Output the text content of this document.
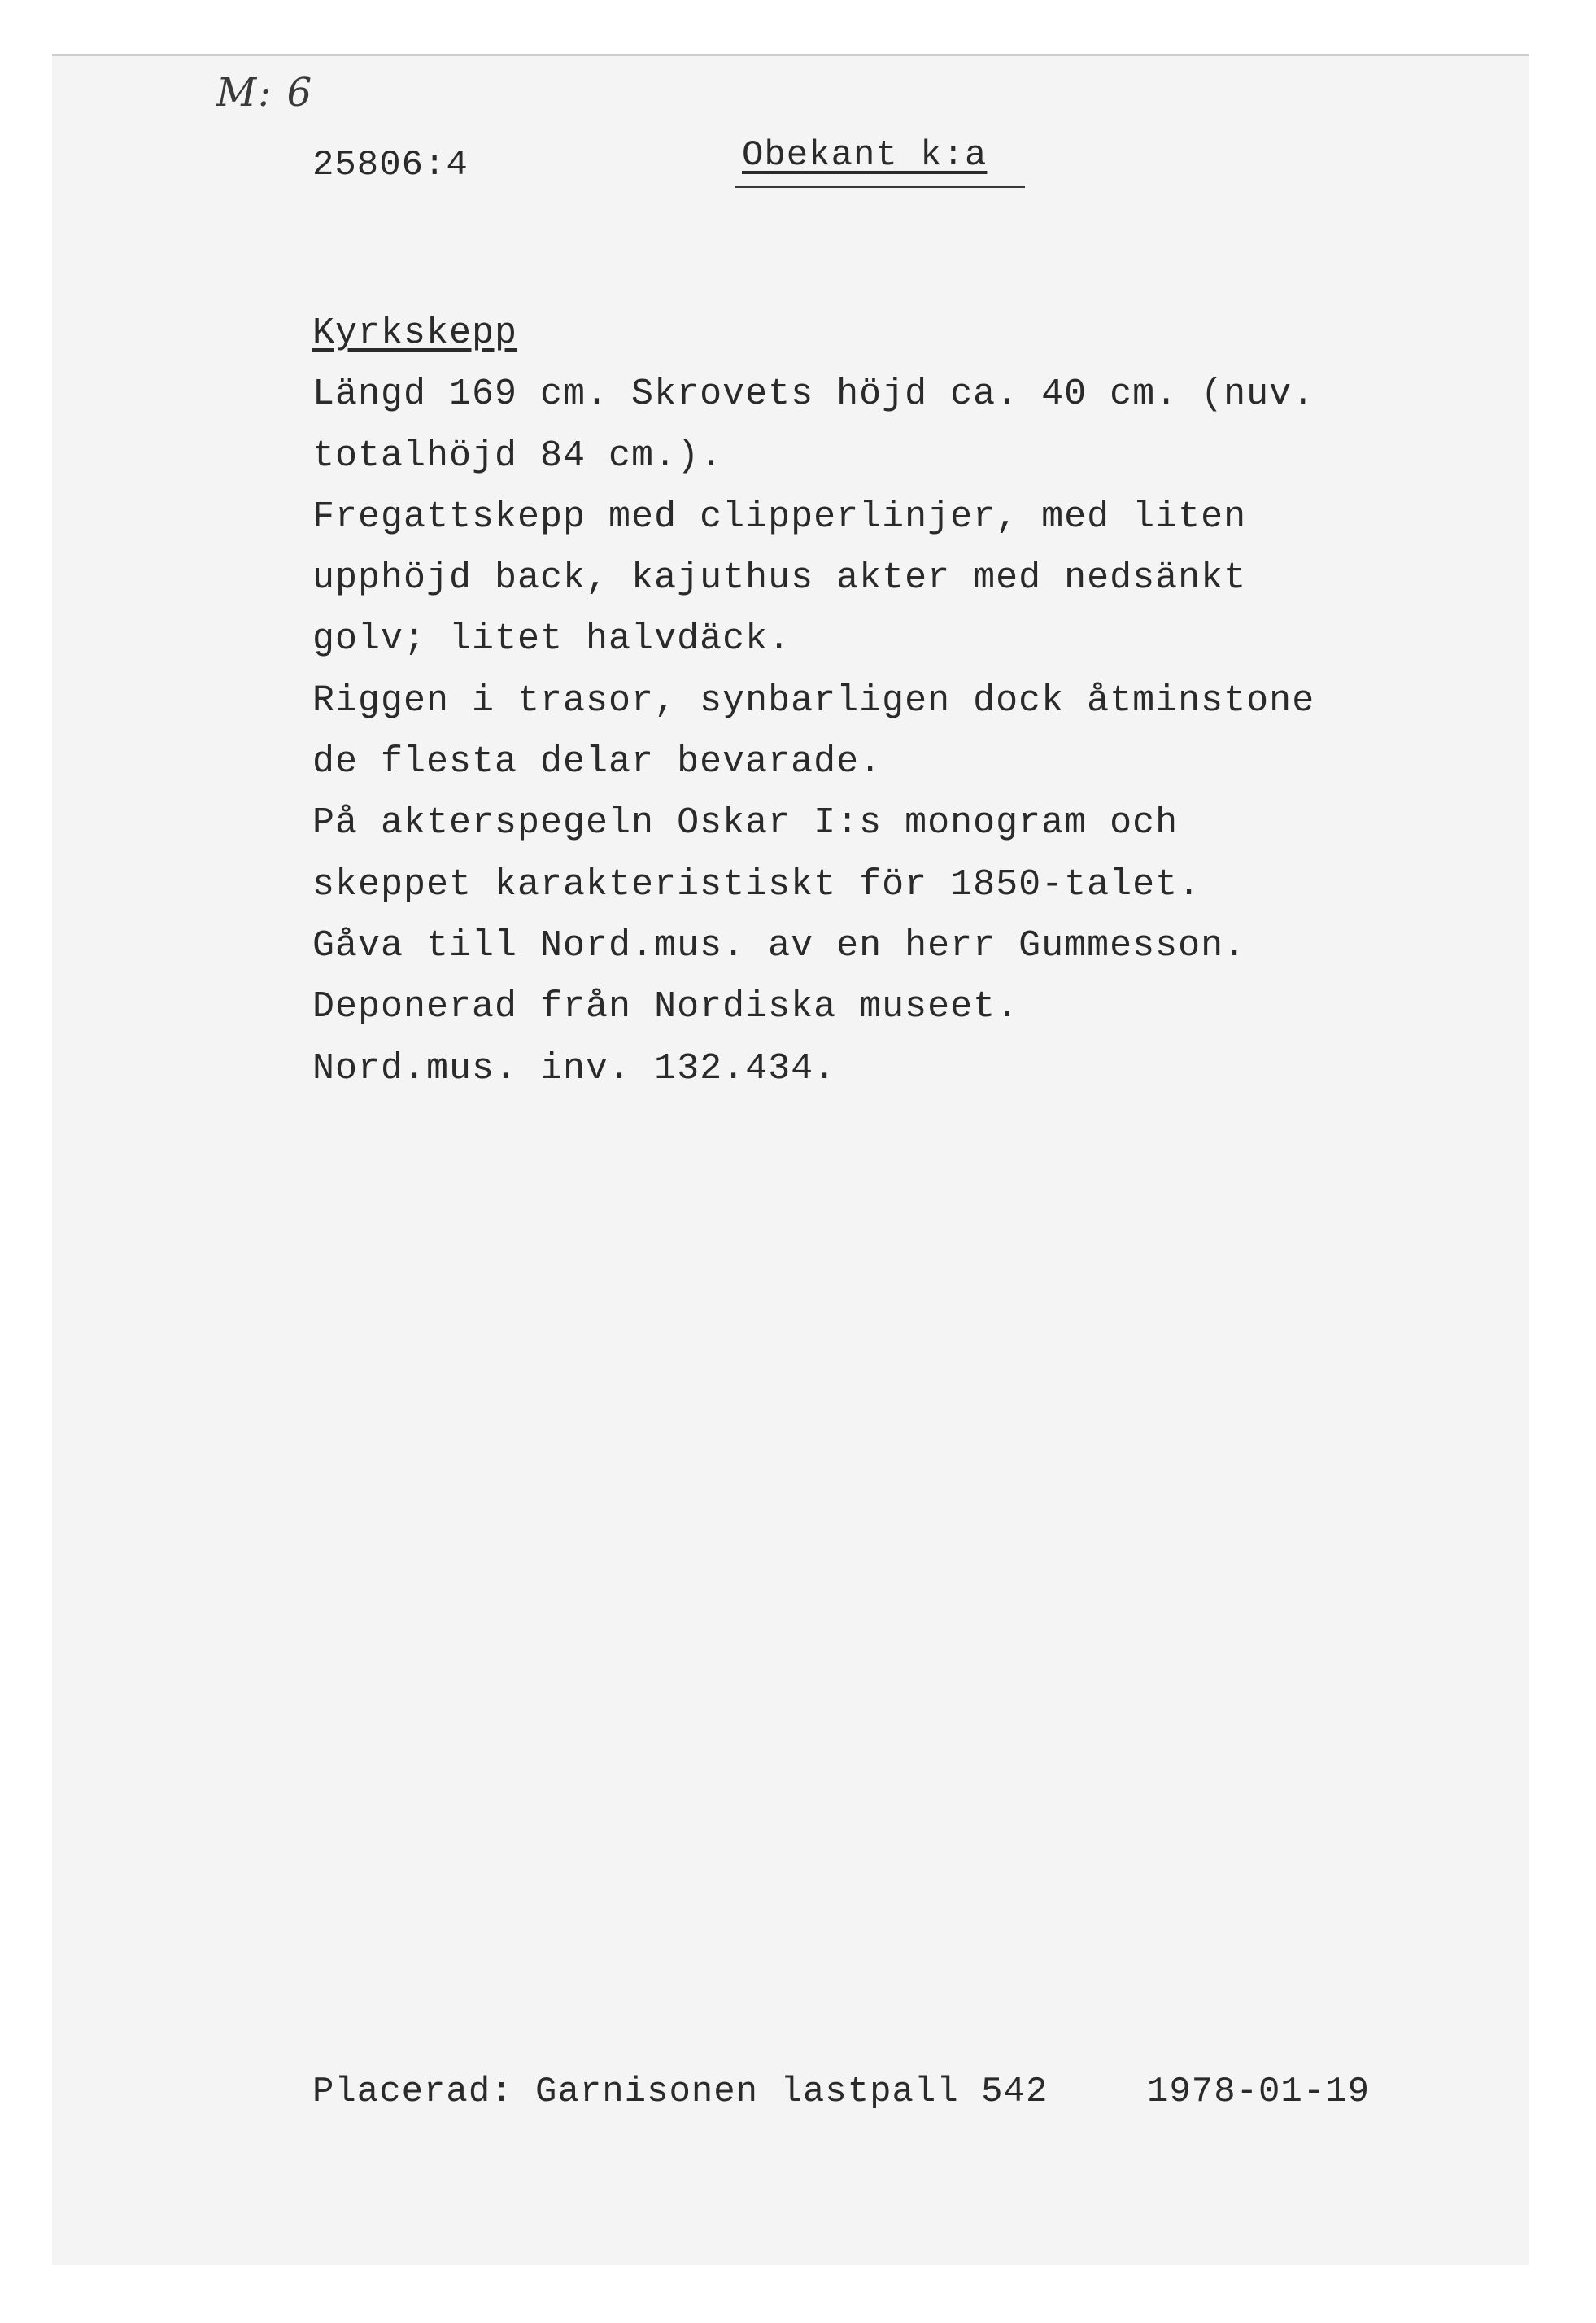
M: 6
25806:4	Obekant k:a
Kyrkskepp
Längd 169 cm. Skrovets höjd ca. 40 cm. (nuv.
totalhöjd 84 cm.).
Fregattskepp med clipperlinjer, med liten
upphöjd back, kajuthus akter med nedsänkt
golv; litet halvdäck.
Riggen i trasor, synbarligen dock åtminstone
de flesta delar bevarade.
På akterspegeln Oskar I:s monogram och
skeppet karakteristiskt för 1850-talet.
Gåva till Nord.mus. av en herr Gummesson.
Deponerad från Nordiska museet.
Nord.mus. inv. 132.434.
Placerad: Garnisonen lastpall 542	1978-01-19
